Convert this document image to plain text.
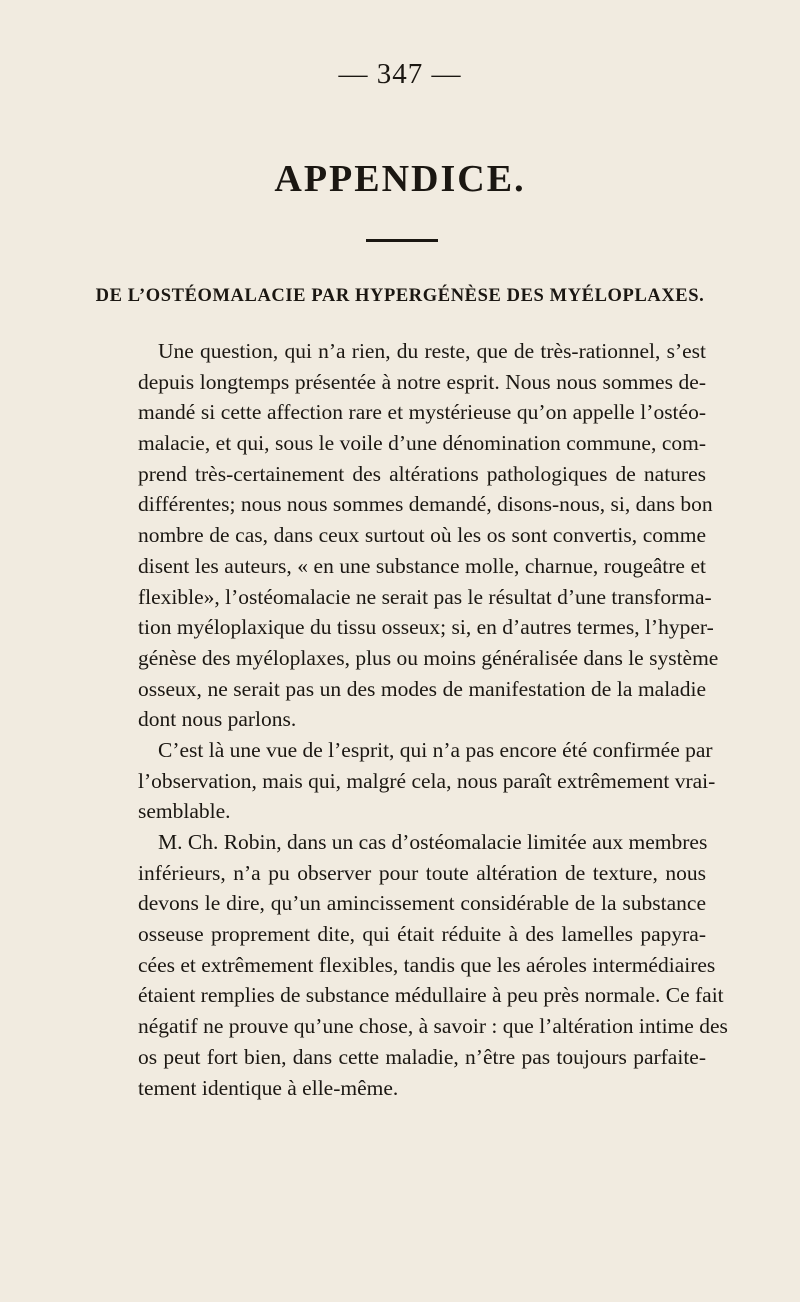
— 347 —
APPENDICE.
DE L’OSTÉOMALACIE PAR HYPERGÉNÈSE DES MYÉLOPLAXES.
Une question, qui n’a rien, du reste, que de très-rationnel, s’est
depuis longtemps présentée à notre esprit. Nous nous sommes de-
mandé si cette affection rare et mystérieuse qu’on appelle l’ostéo-
malacie, et qui, sous le voile d’une dénomination commune, com-
prend très-certainement des altérations pathologiques de natures
différentes; nous nous sommes demandé, disons-nous, si, dans bon
nombre de cas, dans ceux surtout où les os sont convertis, comme
disent les auteurs, « en une substance molle, charnue, rougeâtre et
flexible», l’ostéomalacie ne serait pas le résultat d’une transforma-
tion myéloplaxique du tissu osseux; si, en d’autres termes, l’hyper-
génèse des myéloplaxes, plus ou moins généralisée dans le système
osseux, ne serait pas un des modes de manifestation de la maladie
dont nous parlons.
C’est là une vue de l’esprit, qui n’a pas encore été confirmée par
l’observation, mais qui, malgré cela, nous paraît extrêmement vrai-
semblable.
M. Ch. Robin, dans un cas d’ostéomalacie limitée aux membres
inférieurs, n’a pu observer pour toute altération de texture, nous
devons le dire, qu’un amincissement considérable de la substance
osseuse proprement dite, qui était réduite à des lamelles papyra-
cées et extrêmement flexibles, tandis que les aéroles intermédiaires
étaient remplies de substance médullaire à peu près normale. Ce fait
négatif ne prouve qu’une chose, à savoir : que l’altération intime des
os peut fort bien, dans cette maladie, n’être pas toujours parfaite-
tement identique à elle-même.
